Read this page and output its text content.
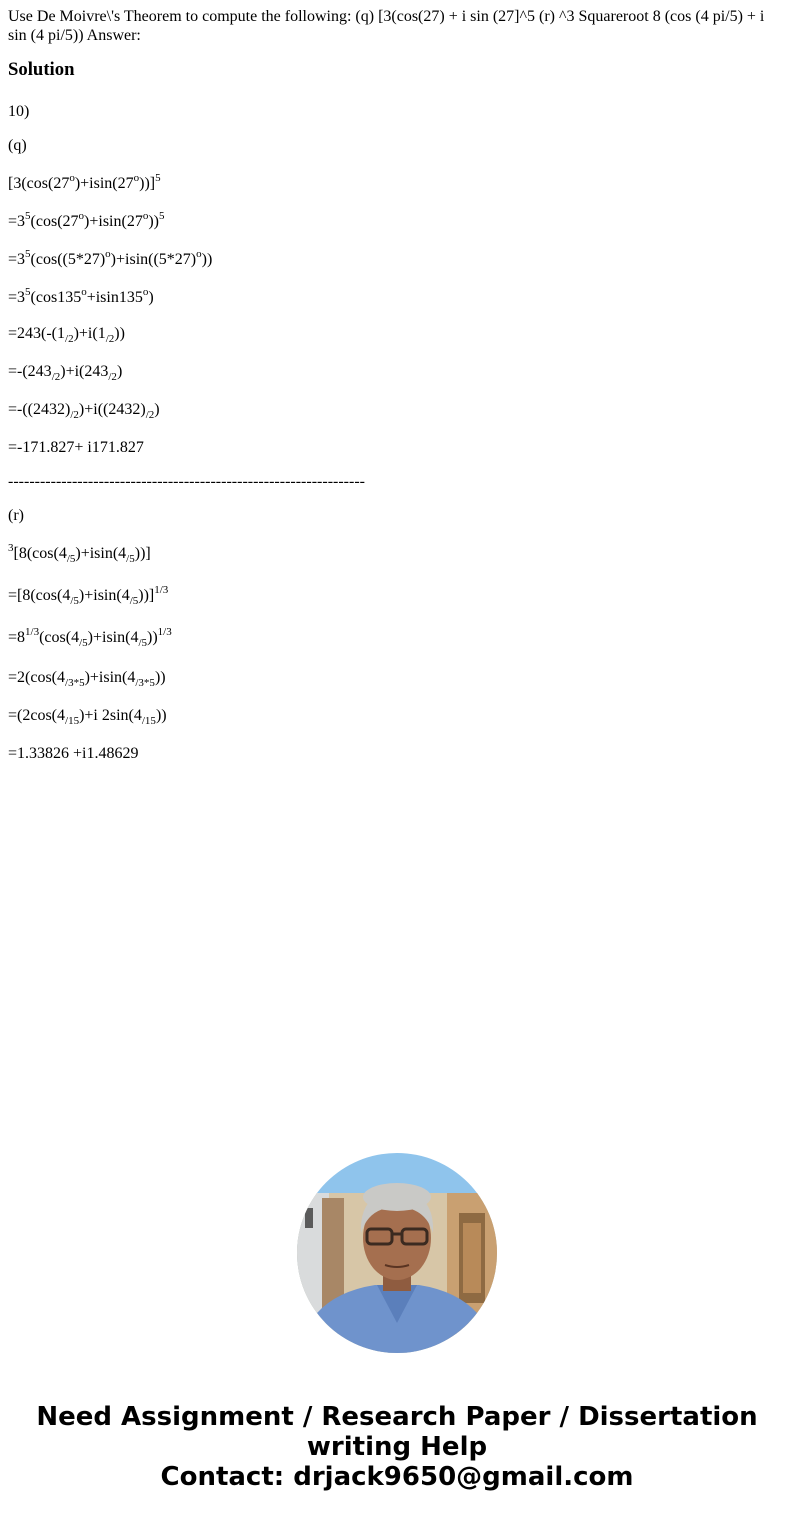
Use De Moivre\'s Theorem to compute the following: (q) [3(cos(27) + i sin (27]^5 (r) ^3 Squareroot 8 (cos (4 pi/5) + i sin (4 pi/5)) Answer:

Solution
10)
(q)
$[3(\cos(27^o)+isin(27^o))]^5$
$=3^5(\cos(27^o)+isin(27^o))^5$
$=3^5(\cos((5*27)^o)+isin((5*27)^o))$
$=3^5(\cos 135^o+isin135^o)$
$=243(-(1_{/2})+i(1_{/2}))$
$=-(243_{/2})+i(243_{/2})$
$=-((2432)_{/2})+i((2432)_{/2})$
=-171.827+ i171.827
-------------------------------------------------------------------
(r)
$^3[8(\cos(4_{/5})+isin(4_{/5}))]$
$=[8(\cos(4_{/5})+isin(4_{/5}))]^{1/3}$
$=8^{1/3}(\cos(4_{/5})+isin(4_{/5}))^{1/3}$
$=2(\cos(4_{/3*5})+isin(4_{/3*5}))$
$=(2\cos(4_{/15})+i$ $2\sin(4_{/15})$)
=1.33826 +i1.48629
Need Assignment / Research Paper / Dissertation
writing Help
Contact: drjack9650@gmail.com
